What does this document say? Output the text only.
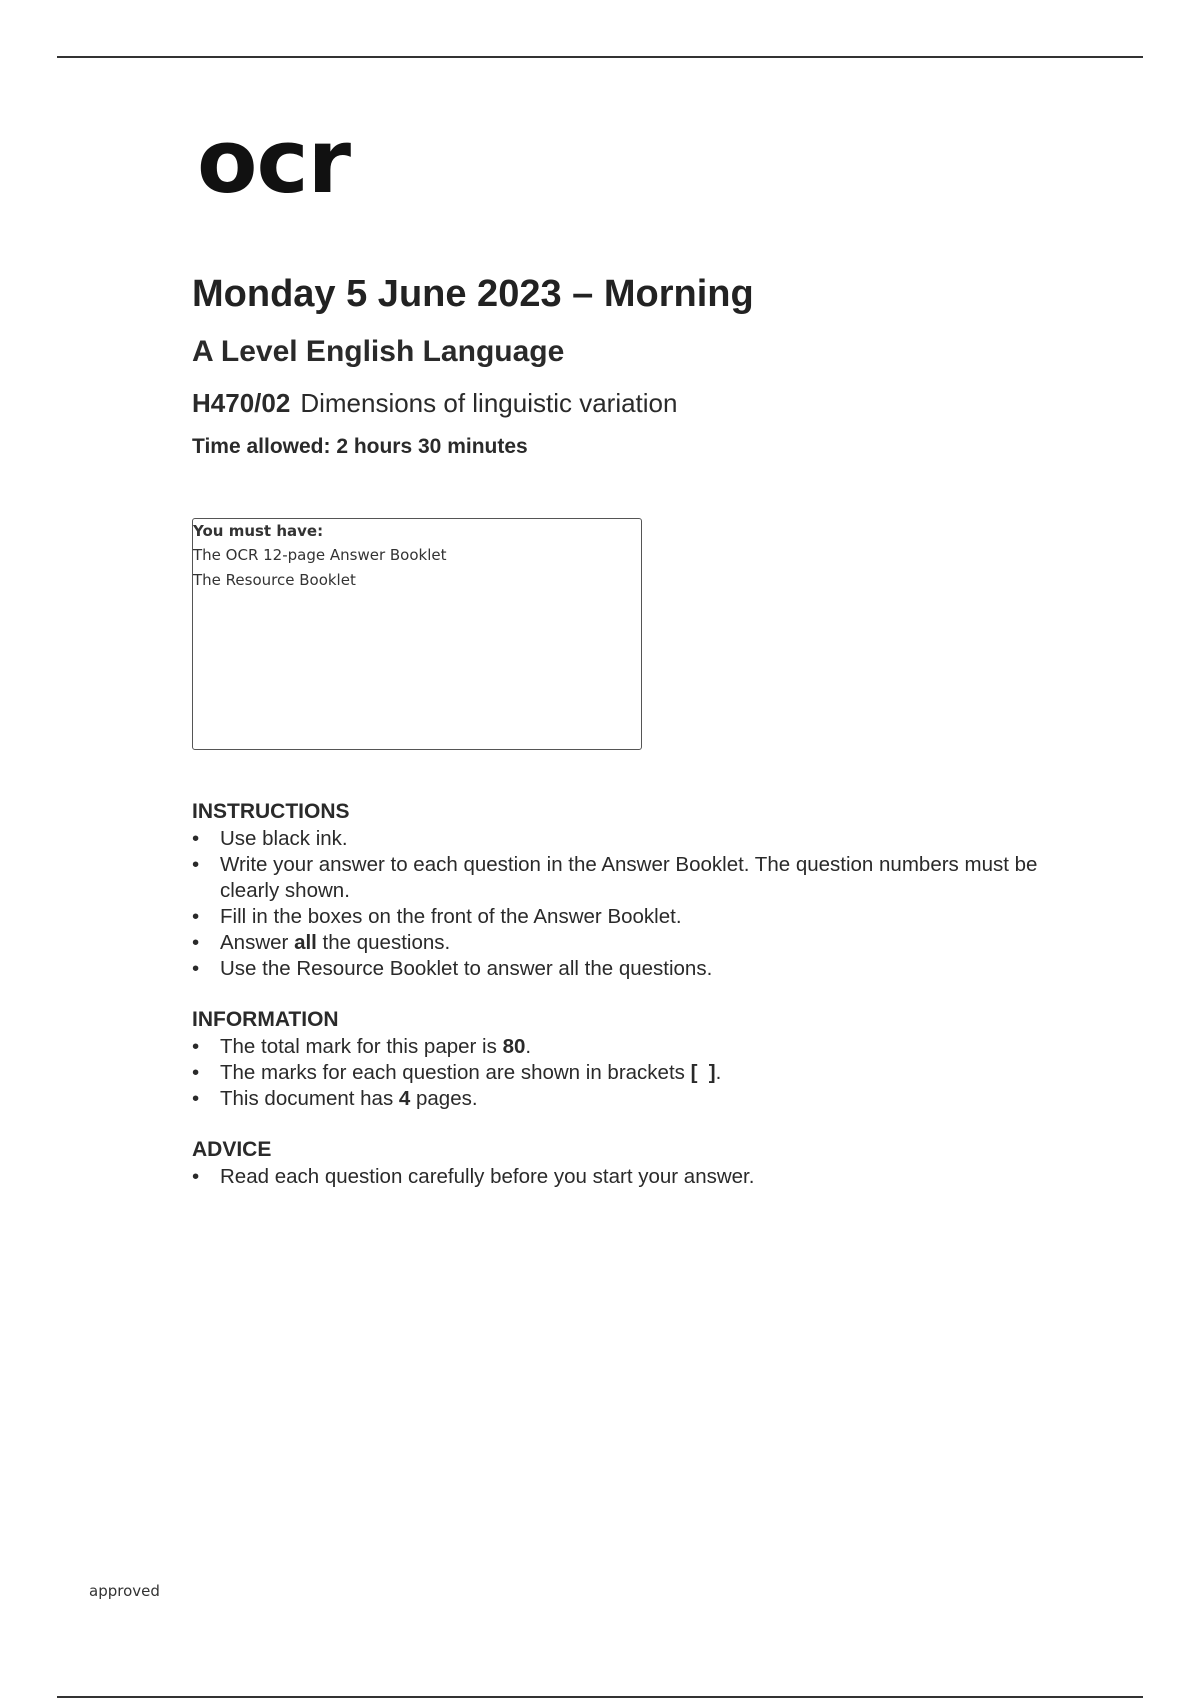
ocr
Monday 5 June 2023 – Morning
A Level English Language
H470/02 Dimensions of linguistic variation
Time allowed: 2 hours 30 minutes
You must have:
The OCR 12-page Answer Booklet
The Resource Booklet
INSTRUCTIONS
•	Use black ink.
•	Write your answer to each question in the Answer Booklet. The question numbers must be clearly shown.
•	Fill in the boxes on the front of the Answer Booklet.
•	Answer all the questions.
•	Use the Resource Booklet to answer all the questions.
INFORMATION
•	The total mark for this paper is 80.
•	The marks for each question are shown in brackets [  ].
•	This document has 4 pages.
ADVICE
•	Read each question carefully before you start your answer.
approved
